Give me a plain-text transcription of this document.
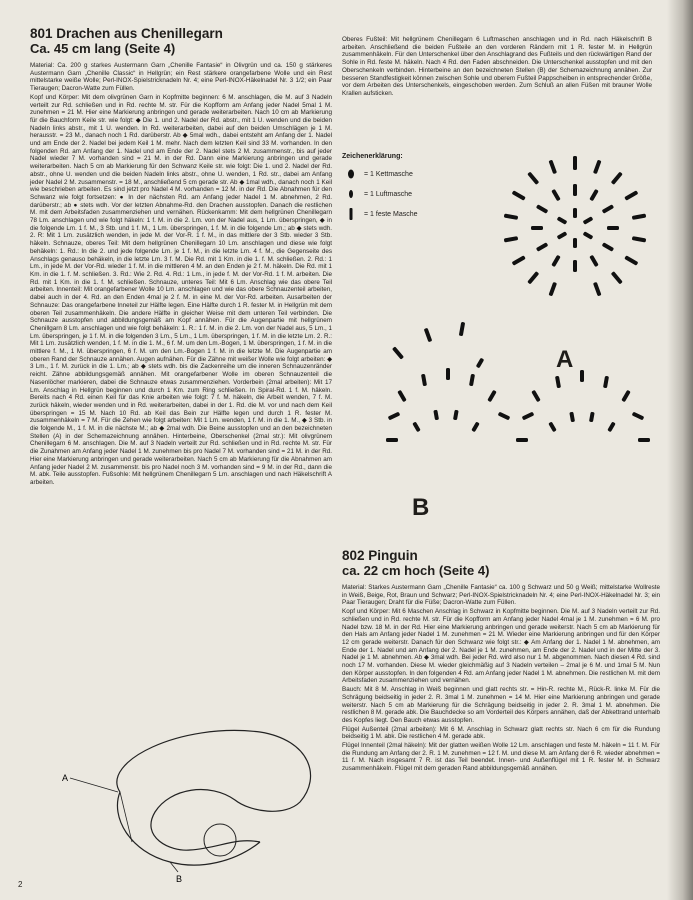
801 Drachen aus Chenillegarn
Ca. 45 cm lang (Seite 4)

Material: Ca. 200 g starkes Austermann Garn „Chenille Fantasie“ in Olivgrün und ca. 150 g stärkeres Austermann Garn „Chenille Classic“ in Hellgrün; ein Rest stärkere orangefarbene Wolle und ein Rest mittelstarke weiße Wolle; Perl-INOX-Spielstricknadeln Nr. 4; eine Perl-INOX-Häkelnadel Nr. 3 1/2; ein Paar Tieraugen; Dacron-Watte zum Füllen.

Kopf und Körper: Mit dem olivgrünen Garn in Kopfmitte beginnen: 6 M. anschlagen, die M. auf 3 Nadeln verteilt zur Rd. schließen und in Rd. rechte M. str. Für die Kopfform am Anfang jeder Nadel 5mal 1 M. zunehmen = 21 M. Hier eine Markierung anbringen und gerade weiterarbeiten. Nach 10 cm ab Markierung für die Bauchform Keile str. wie folgt: ◆ Die 1. und 2. Nadel der Rd. abstr., mit 1 U. wenden und die beiden Nadeln links abstr., mit 1 U. wenden. In Rd. weiterarbeiten, dabei auf den beiden Umschlägen je 1 M. herausstr. = 23 M., danach noch 1 Rd. darüberstr. Ab ◆ 5mal wdh., dabei entsteht am Anfang der 1. Nadel und am Ende der 2. Nadel bei jedem Keil 1 M. mehr. Nach dem letzten Keil sind 33 M. vorhanden. In den folgenden Rd. am Anfang der 1. Nadel und am Ende der 2. Nadel stets 2 M. zusammenstr., bis auf jeder Nadel wieder 7 M. vorhanden sind = 21 M. in der Rd. Dann eine Markierung anbringen und gerade weiterarbeiten. Nach 5 cm ab Markierung für den Schwanz Keile str. wie folgt: Die 1. und 2. Nadel der Rd. abstr., ohne U. wenden und die beiden Nadeln links abstr., ohne U. wenden, 1 Rd. str., dabei am Anfang jeder Nadel 2 M. zusammenstr. = 18 M., anschließend 5 cm gerade str. Ab ◆ 1mal wdh., danach noch 1 Keil wie beschrieben arbeiten. Es sind jetzt pro Nadel 4 M. vorhanden = 12 M. in der Rd. Die Abnahmen für den Schwanz wie folgt fortsetzen: ● In der nächsten Rd. am Anfang jeder Nadel 1 M. abnehmen, 2 Rd. darüberstr.; ab ● stets wdh. Vor der letzten Abnahme-Rd. den Drachen ausstopfen. Danach die restlichen M. mit dem Arbeitsfaden zusammenziehen und vernähen. Rückenkamm: Mit dem hellgrünen Chenillegarn 78 Lm. anschlagen und wie folgt häkeln: 1 f. M. in die 2. Lm. von der Nadel aus, 1 Lm. überspringen, ◆ in die folgende Lm. 1 f. M., 3 Stb. und 1 f. M., 1 Lm. überspringen, 1 f. M. in die folgende Lm.; ab ◆ stets wdh. 2. R: Mit 1 Lm. zusätzlich wenden, in jede M. der Vor-R. 1 f. M., in das mittlere der 3 Stb. wieder 3 Stb. häkeln. Schnauze, oberes Teil: Mit dem hellgrünen Chenillegarn 10 Lm. anschlagen und diese wie folgt behäkeln: 1. Rd.: In die 2. und jede folgende Lm. je 1 f. M., in die letzte Lm. 4 f. M., die Gegenseite des Anschlags genauso behäkeln, in die letzte Lm. 3 f. M. Die Rd. mit 1 Km. in die 1. f. M. schließen. 2. Rd.: 1 Lm., in jede M. der Vor-Rd. wieder 1 f. M. in die mittleren 4 M. an den Enden je 2 f. M. häkeln. Die Rd. mit 1 Km. in die 1. f. M. schließen. 3. Rd.: Wie 2. Rd. 4. Rd.: 1 Lm., in jede f. M. der Vor-Rd. 1 f. M. arbeiten. Die Rd. mit 1 Km. in die 1. f. M. schließen. Schnauze, unteres Teil: Mit 6 Lm. Anschlag wie das obere Teil arbeiten. Innenteil: Mit orangefarbener Wolle 10 Lm. anschlagen und wie das obere Schnauzenteil arbeiten, dabei auch in der 4. Rd. an den Enden 4mal je 2 f. M. in eine M. der Vor-Rd. arbeiten. Ausarbeiten der Schnauze: Das orangefarbene Inneteil zur Hälfte legen. Eine Hälfte durch 1 R. fester M. in Hellgrün mit dem oberen Teil zusammenhäkeln. Die andere Hälfte in gleicher Weise mit dem unteren Teil verbinden. Die Schnauze ausstopfen und abbildungsgemäß am Kopf annähen. Für die Augenpartie mit hellgrünem Chenillgarn 8 Lm. anschlagen und wie folgt behäkeln: 1. R.: 1 f. M. in die 2. Lm. von der Nadel aus, 5 Lm., 1 Lm. überspringen, je 1 f. M. in die folgenden 3 Lm., 5 Lm., 1 Lm. überspringen, 1 f. M. in die letzte Lm. 2. R.: Mit 1 Lm. zusätzlich wenden, 1 f. M. in die 1. M., 6 f. M. um den Lm.-Bogen, 1 M. überspringen, 1 f. M. in die mittlere f. M., 1 M. überspringen, 6 f. M. um den Lm.-Bogen 1 f. M. in die letzte M. Die Augenpartie am oberen Rand der Schnauze annähen. Augen aufnähen. Für die Zähne mit weißer Wolle wie folgt arbeiten: ◆ 3 Lm., 1 f. M. zurück in die 1. Lm.; ab ◆ stets wdh. bis die Zackenreihe um die inneren Schnauzenränder reicht. Zähne abbildungsgemäß annähen. Mit orangefarbener Wolle im oberen Schnauzenteil die Nasenlöcher markieren, dabei die Schnauze etwas zusammenziehen. Vorderbein (2mal arbeiten): Mit 17 Lm. Anschlag in Hellgrün beginnen und durch 1 Km. zum Ring schließen. In Spiral-Rd. 1 f. M. häkeln. Bereits nach 4 Rd. einen Keil für das Knie arbeiten wie folgt: 7 f. M. häkeln, die Arbeit wenden, 7 f. M. zurück häkeln, wieder wenden und in Rd. weiterarbeiten, dabei in der 1. Rd. die M. vor und nach dem Keil überspringen = 15 M. Nach 10 Rd. ab Keil das Bein zur Hälfte legen und durch 1 R. fester M. zusammenhäkeln = 7 M. Für die Zehen wie folgt arbeiten: Mit 1 Lm. wenden, 1 f. M. in die 1. M., ◆ 3 Stb. in die folgende M., 1 f. M. in die nächste M.; ab ◆ 2mal wdh. Die Beine ausstopfen und an den bezeichneten Stellen (A) in der Schemazeichnung annähen. Hinterbeine, Oberschenkel (2mal str.): Mit olivgrünem Chenillegarn 6 M. anschlagen. Die M. auf 3 Nadeln verteilt zur Rd. schließen und in Rd. rechte M. str. Für die Zunahmen am Anfang jeder Nadel 1 M. zunehmen bis pro Nadel 7 M. vorhanden sind = 21 M. in der Rd. Hier eine Markierung anbringen und gerade weiterarbeiten. Nach 5 cm ab Markierung für die Abnahmen am Anfang jeder Nadel 2 M. zusammenstr. bis pro Nadel noch 3 M. vorhanden sind = 9 M. in der Rd., dann die M. abk. Teile ausstopfen. Fußsohle: Mit hellgrünem Chenillegarn 5 Lm. anschlagen und nach Häkelschrift A arbeiten.

A
B

Oberes Fußteil: Mit hellgrünem Chenillegarn 6 Luftmaschen anschlagen und in Rd. nach Häkelschrift B arbeiten. Anschließend die beiden Fußteile an den vorderen Rändern mit 1 R. fester M. in Hellgrün zusammenhäkeln. Für den Unterschenkel über den Anschlagrand des Fußteils und den rückwärtigen Rand der Sohle in Rd. feste M. häkeln. Nach 4 Rd. den Faden abschneiden. Die Unterschenkel ausstopfen und mit den Oberschenkeln verbinden. Hinterbeine an den bezeichneten Stellen (B) der Schemazeichnung annähen. Zur besseren Standfestigkeit können zwischen Sohle und oberem Fußteil Pappscheiben in entsprechender Größe, vor dem Arbeiten des Unterschenkels, eingeschoben werden. Zum Schluß an allen Füßen mit brauner Wolle Krallen aufsticken.

Zeichenerklärung:
= 1 Kettmasche
= 1 Luftmasche
= 1 feste Masche
A
B
802 Pinguin
ca. 22 cm hoch (Seite 4)

Material: Starkes Austermann Garn „Chenille Fantasie“ ca. 100 g Schwarz und 50 g Weiß; mittelstarke Wollreste in Weiß, Beige, Rot, Braun und Schwarz; Perl-INOX-Spielstricknadeln Nr. 4; eine Perl-INOX-Häkelnadel Nr. 3; ein Paar Tieraugen; Draht für die Füße; Dacron-Watte zum Füllen.

Kopf und Körper: Mit 6 Maschen Anschlag in Schwarz in Kopfmitte beginnen. Die M. auf 3 Nadeln verteilt zur Rd. schließen und in Rd. rechte M. str. Für die Kopfform am Anfang jeder Nadel 4mal je 1 M. zunehmen = 6 M. pro Nadel bzw. 18 M. in der Rd. Hier eine Markierung anbringen und gerade weiterstr. Nach 5 cm ab Markierung für den Hals am Anfang jeder Nadel 1 M. zunehmen = 21 M. Wieder eine Markierung anbringen und für den Körper 12 cm gerade weiterstr. Danach für den Schwanz wie folgt str.: ◆ Am Anfang der 1. Nadel 1 M. abnehmen, am Ende der 1. Nadel und am Anfang der 2. Nadel je 1 M. zunehmen, am Ende der 2. Nadel und in der Mitte der 3. Nadel je 1 M. abnehmen. Ab ◆ 3mal wdh. Bei jeder Rd. wird also nur 1 M. abgenommen. Nach diesen 4 Rd. sind noch 17 M. vorhanden. Diese M. wieder gleichmäßig auf 3 Nadeln verteilen – 2mal je 6 M. und 1mal 5 M. Nun den Körper ausstopfen. In den folgenden 4 Rd. am Anfang jeder Nadel 1 M. abnehmen. Die restlichen M. mit dem Arbeitsfaden zusammenziehen und vernähen.

Bauch: Mit 8 M. Anschlag in Weiß beginnen und glatt rechts str. = Hin-R. rechte M., Rück-R. linke M. Für die Schrägung beidseitig in jeder 2. R. 3mal 1 M. zunehmen = 14 M. Hier eine Markierung anbringen und gerade weiterstr. Nach 5 cm ab Markierung für die Schrägung beidseitig in jeder 2. R. 3mal 1 M. abnehmen. Die restlichen 8 M. gerade abk. Die Bauchdecke so am Vorderteil des Körpers annähen, daß der Abkettrand unterhalb des Kopfes liegt. Den Bauch etwas ausstopfen.

Flügel Außenteil (2mal arbeiten): Mit 6 M. Anschlag in Schwarz glatt rechts str. Nach 6 cm für die Rundung beidseitig 1 M. abk. Die restlichen 4 M. gerade abk.

Flügel Innenteil (2mal häkeln): Mit der glatten weißen Wolle 12 Lm. anschlagen und feste M. häkeln = 11 f. M. Für die Rundung am Anfang der 2. R. 1 M. zunehmen = 12 f. M. und diese M. am Anfang der 6 R. wieder abnehmen = 11 f. M. Nach insgesamt 7 R. ist das Teil beendet. Innen- und Außenflügel mit 1 R. fester M. in Schwarz zusammenhäkeln. Flügel mit dem geraden Rand abbildungsgemäß annähen.

2
